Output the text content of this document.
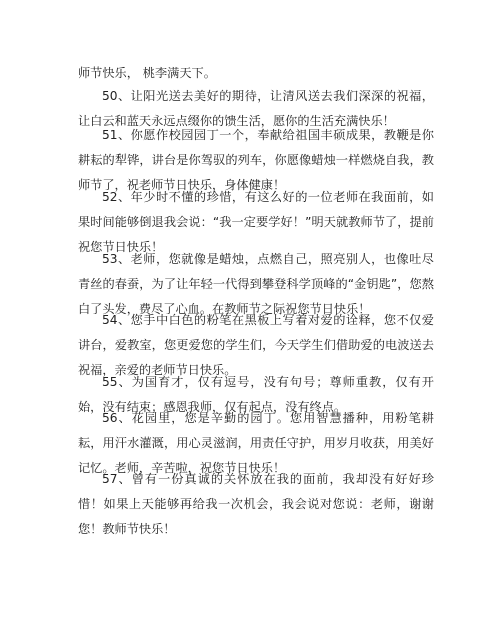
师节快乐， 桃李满天下。

50、让阳光送去美好的期待，让清风送去我们深深的祝福，让白云和蓝天永远点缀你的馈生活，愿你的生活充满快乐！

51、你愿作校园园丁一个，奉献给祖国丰硕成果，教鞭是你耕耘的犁铧，讲台是你驾驭的列车，你愿像蜡烛一样燃烧自我，教师节了，祝老师节日快乐，身体健康！

52、年少时不懂的珍惜，有这么好的一位老师在我面前，如果时间能够倒退我会说：“我一定要学好！”明天就教师节了，提前祝您节日快乐！

53、老师，您就像是蜡烛，点燃自己，照亮别人，也像吐尽青丝的春蚕，为了让年轻一代得到攀登科学顶峰的“金钥匙”，您熬白了头发，费尽了心血。在教师节之际祝您节日快乐！

54、您手中白色的粉笔在黑板上写着对爱的诠释，您不仅爱讲台，爱教室，您更爱您的学生们，今天学生们借助爱的电波送去祝福，亲爱的老师节日快乐。

55、为国育才，仅有逗号，没有句号；尊师重教，仅有开始，没有结束；感恩我师，仅有起点，没有终点。

56、花园里，您是辛勤的园丁。您用智慧播种，用粉笔耕耘，用汗水灌溉，用心灵滋润，用责任守护，用岁月收获，用美好记忆。老师，辛苦啦，祝您节日快乐！

57、曾有一份真诚的关怀放在我的面前，我却没有好好珍惜！如果上天能够再给我一次机会，我会说对您说：老师，谢谢您！教师节快乐！
